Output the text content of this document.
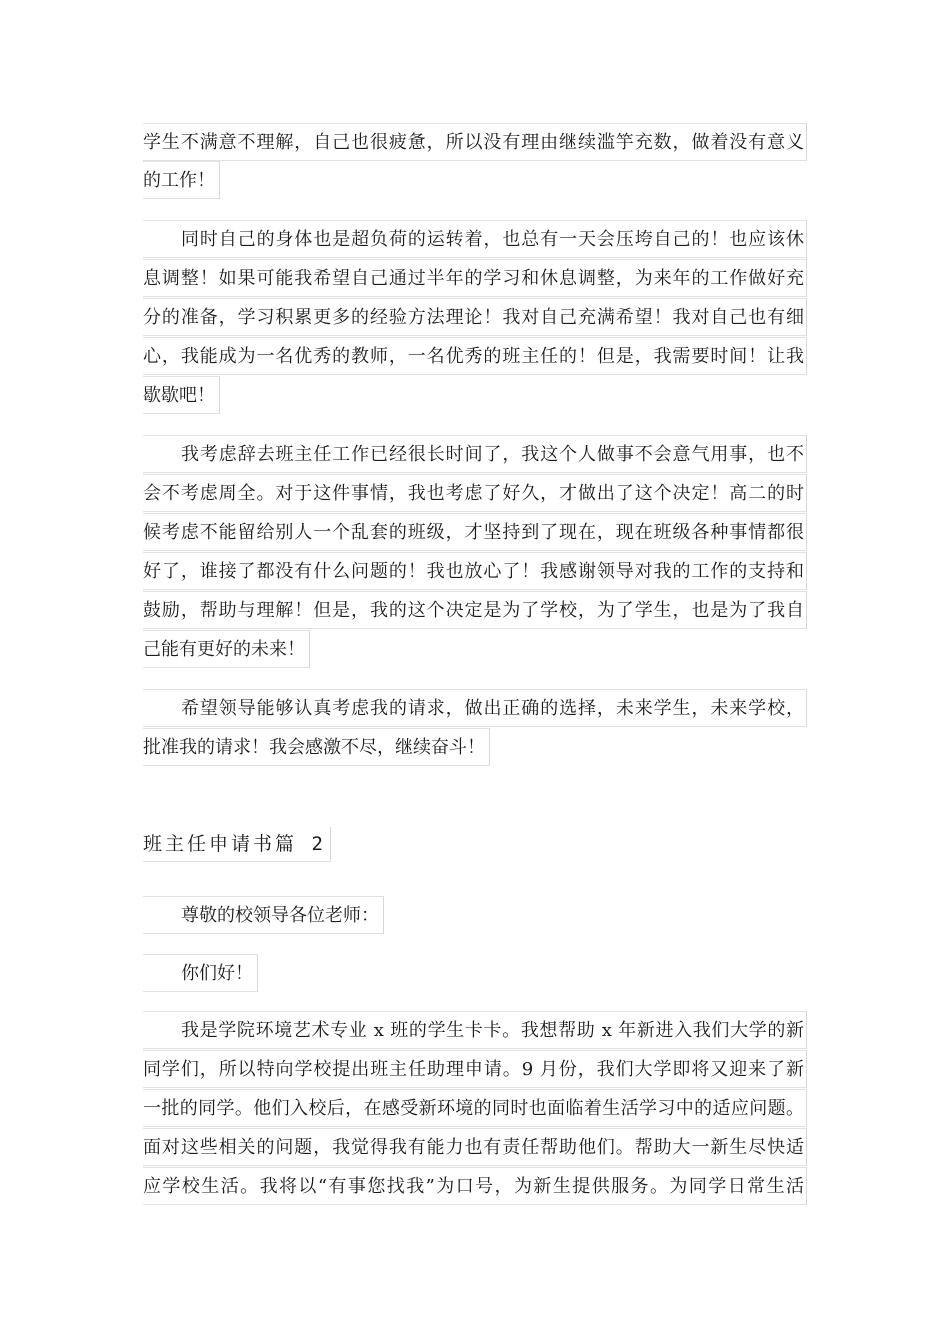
学生不满意不理解，自己也很疲惫，所以没有理由继续滥竽充数，做着没有意义
的工作！
同时自己的身体也是超负荷的运转着，也总有一天会压垮自己的！也应该休
息调整！如果可能我希望自己通过半年的学习和休息调整，为来年的工作做好充
分的准备，学习积累更多的经验方法理论！我对自己充满希望！我对自己也有细
心，我能成为一名优秀的教师，一名优秀的班主任的！但是，我需要时间！让我
歇歇吧！
我考虑辞去班主任工作已经很长时间了，我这个人做事不会意气用事，也不
会不考虑周全。对于这件事情，我也考虑了好久，才做出了这个决定！高二的时
候考虑不能留给别人一个乱套的班级，才坚持到了现在，现在班级各种事情都很
好了，谁接了都没有什么问题的！我也放心了！我感谢领导对我的工作的支持和
鼓励，帮助与理解！但是，我的这个决定是为了学校，为了学生，也是为了我自
己能有更好的未来！
希望领导能够认真考虑我的请求，做出正确的选择，未来学生，未来学校，
批准我的请求！我会感激不尽，继续奋斗！
班主任申请书篇 2
尊敬的校领导各位老师：
你们好！
我是学院环境艺术专业 x 班的学生卡卡。我想帮助 x 年新进入我们大学的新
同学们，所以特向学校提出班主任助理申请。9 月份，我们大学即将又迎来了新
一批的同学。他们入校后，在感受新环境的同时也面临着生活学习中的适应问题。
面对这些相关的问题，我觉得我有能力也有责任帮助他们。帮助大一新生尽快适
应学校生活。我将以“有事您找我”为口号，为新生提供服务。为同学日常生活
